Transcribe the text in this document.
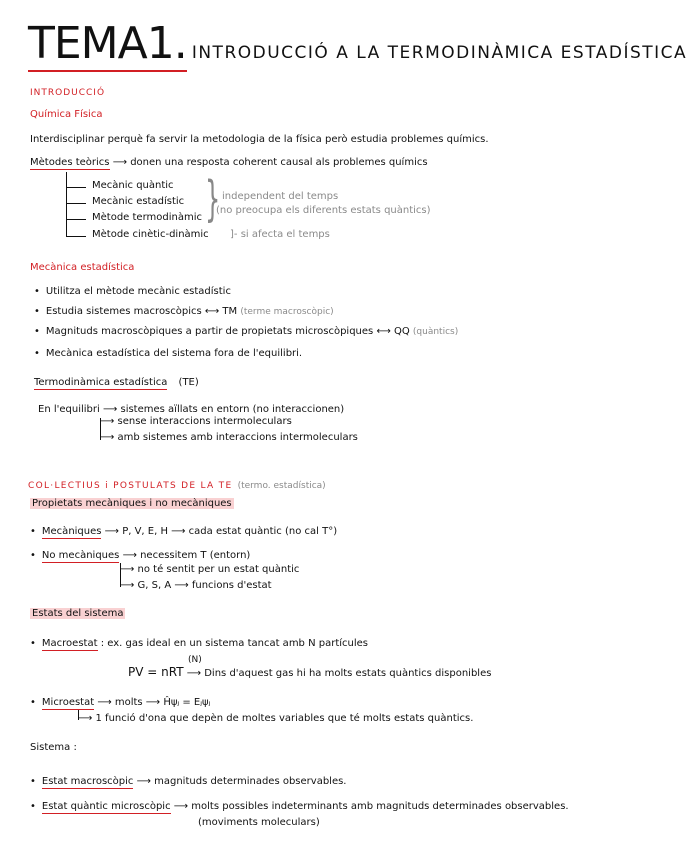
TEMA1. INTRODUCCIÓ A LA TERMODINÀMICA ESTADÍSTICA
INTRODUCCIÓ
Química Física
Interdisciplinar perquè fa servir la metodologia de la física però estudia problemes químics.
Mètodes teòrics ⟶ donen una resposta coherent causal als problemes químics
Mecànic quàntic
Mecànic estadístic
Mètode termodinàmic
Mètode cinètic-dinàmic
} independent del temps
(no preocupa els diferents estats quàntics)
]- si afecta el temps
Mecànica estadística
• Utilitza el mètode mecànic estadístic
• Estudia sistemes macroscòpics ⟷ TM (terme macroscòpic)
• Magnituds macroscòpiques a partir de propietats microscòpiques ⟷ QQ (quàntics)
• Mecànica estadística del sistema fora de l'equilibri.
Termodinàmica estadística (TE)
En l'equilibri ⟶ sistemes aïllats en entorn (no interaccionen)
⟶ sense interaccions intermoleculars
⟶ amb sistemes amb interaccions intermoleculars
COL·LECTIUS i POSTULATS DE LA TE (termo. estadística)
Propietats mecàniques i no mecàniques
• Mecàniques ⟶ P, V, E, H ⟶ cada estat quàntic (no cal T°)
• No mecàniques ⟶ necessitem T (entorn)
⟶ no té sentit per un estat quàntic
⟶ G, S, A ⟶ funcions d'estat
Estats del sistema
• Macroestat : ex. gas ideal en un sistema tancat amb N partícules
(N)
PV = nRT ⟶ Dins d'aquest gas hi ha molts estats quàntics disponibles
• Microestat ⟶ molts ⟶ Ĥψⱼ = Eⱼψⱼ
⟶ 1 funció d'ona que depèn de moltes variables que té molts estats quàntics.
Sistema :
• Estat macroscòpic ⟶ magnituds determinades observables.
• Estat quàntic microscòpic ⟶ molts possibles indeterminants amb magnituds determinades observables.
(moviments moleculars)
